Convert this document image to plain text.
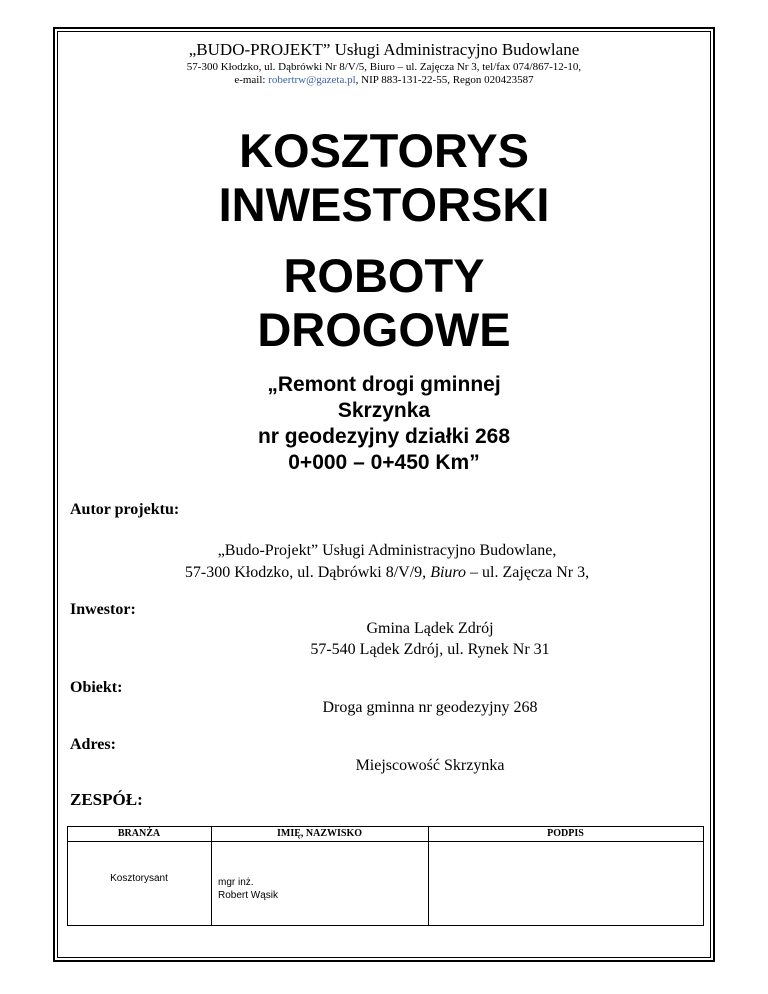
„BUDO-PROJEKT” Usługi Administracyjno Budowlane
57-300 Kłodzko, ul. Dąbrówki Nr 8/V/5, Biuro – ul. Zajęcza Nr 3, tel/fax 074/867-12-10,
e-mail: robertrw@gazeta.pl, NIP 883-131-22-55, Regon 020423587
KOSZTORYS
INWESTORSKI
ROBOTY
DROGOWE
„Remont drogi gminnej
Skrzynka
nr geodezyjny działki 268
0+000 – 0+450 Km”
Autor projektu:
„Budo-Projekt” Usługi Administracyjno Budowlane,
57-300 Kłodzko, ul. Dąbrówki 8/V/9, Biuro – ul. Zajęcza Nr 3,
Inwestor:
Gmina Lądek Zdrój
57-540 Lądek Zdrój, ul. Rynek Nr 31
Obiekt:
Droga gminna nr geodezyjny 268
Adres:
Miejscowość Skrzynka
ZESPÓŁ:
BRANŻA	IMIĘ, NAZWISKO	PODPIS
Kosztorysant	mgr inż.
Robert Wąsik
